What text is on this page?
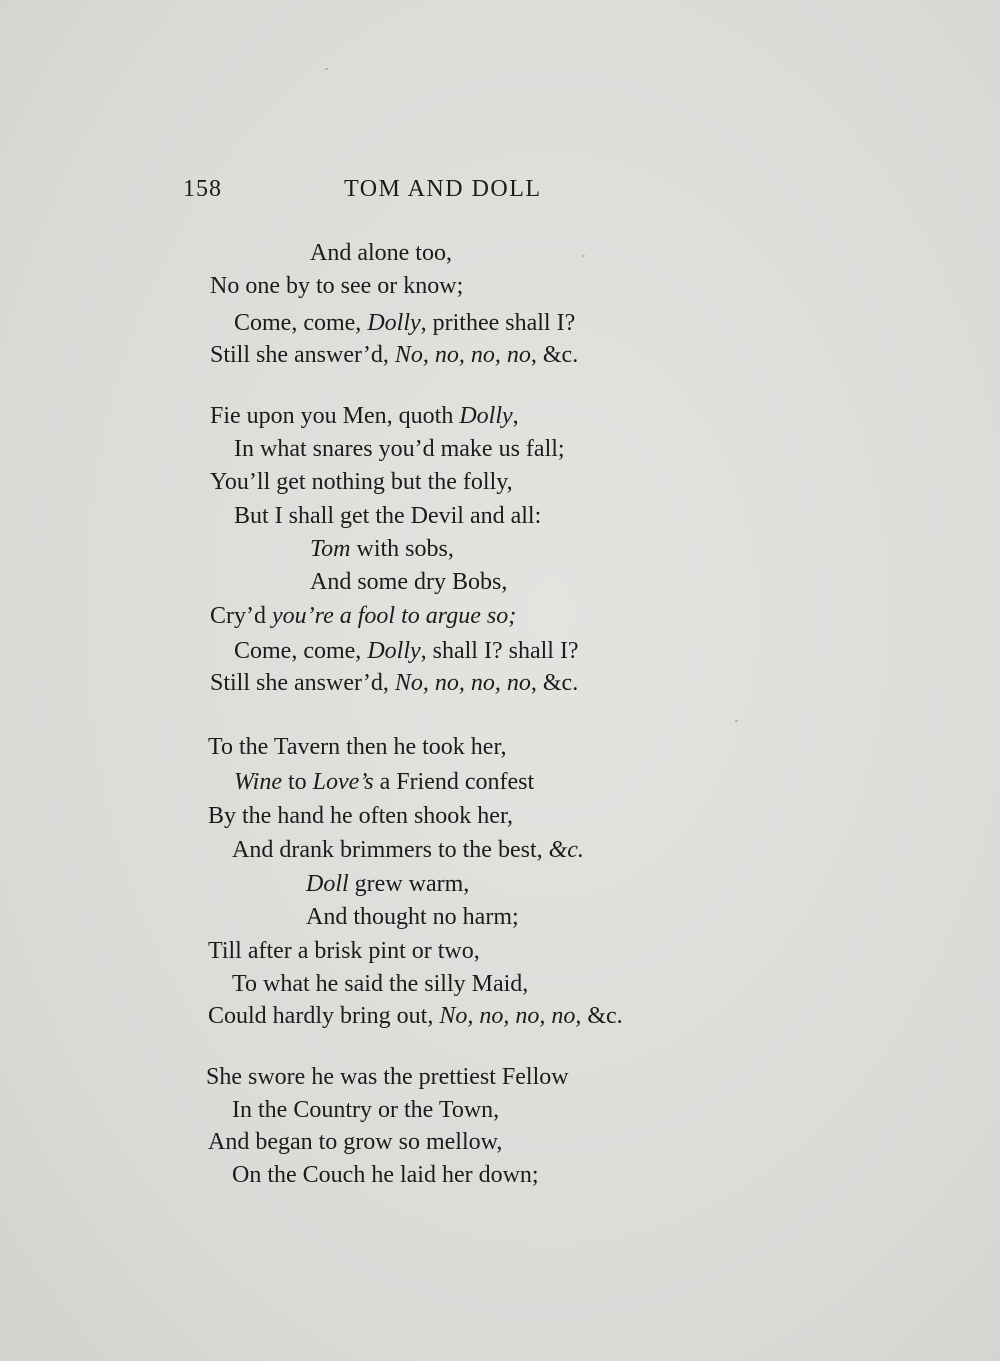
158	TOM AND DOLL
And alone too,
No one by to see or know;
Come, come, Dolly, prithee shall I?
Still she answer’d, No, no, no, no, &c.
Fie upon you Men, quoth Dolly,
In what snares you’d make us fall;
You’ll get nothing but the folly,
But I shall get the Devil and all:
Tom with sobs,
And some dry Bobs,
Cry’d you’re a fool to argue so;
Come, come, Dolly, shall I? shall I?
Still she answer’d, No, no, no, no, &c.
To the Tavern then he took her,
Wine to Love’s a Friend confest
By the hand he often shook her,
And drank brimmers to the best, &c.
Doll grew warm,
And thought no harm;
Till after a brisk pint or two,
To what he said the silly Maid,
Could hardly bring out, No, no, no, no, &c.
She swore he was the prettiest Fellow
In the Country or the Town,
And began to grow so mellow,
On the Couch he laid her down;
